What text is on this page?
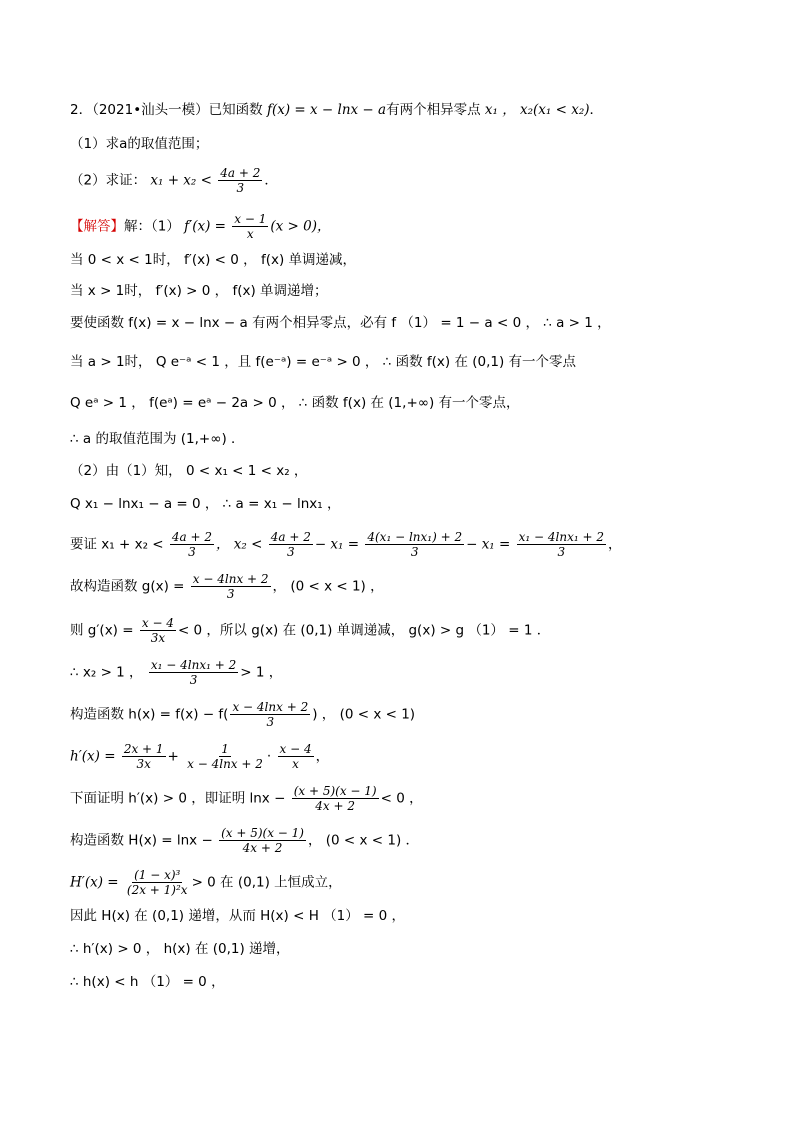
2．（2021•汕头一模）已知函数 f(x) = x − lnx − a有两个相异零点 x₁ ， x₂(x₁ < x₂)．
（1）求a的取值范围；
（2）求证： $x_1 + x_2 < \frac{4a + 2}{3}$ ．
【解答】解：（1） $f'(x) = \frac{x - 1}{x} (x > 0)$，
当 0 < x < 1时， f′(x) < 0 ， f(x) 单调递减，
当 x > 1时， f′(x) > 0 ， f(x) 单调递增；
要使函数 f(x) = x − lnx − a 有两个相异零点，必有 f （1） = 1 − a < 0 ， ∴ a > 1 ，
当 a > 1时， Q e⁻ᵃ < 1 ，且 f(e⁻ᵃ) = e⁻ᵃ > 0 ， ∴ 函数 f(x) 在 (0,1) 有一个零点
Q eᵃ > 1 ， f(eᵃ) = eᵃ − 2a > 0 ， ∴ 函数 f(x) 在 (1,+∞) 有一个零点，
∴ a 的取值范围为 (1,+∞) ．
（2）由（1）知， 0 < x₁ < 1 < x₂ ，
Q x₁ − lnx₁ − a = 0 ， ∴ a = x₁ − lnx₁ ，
要证 $x_1 + x_2 < \frac{4a + 2}{3}$ ， $x_2 < \frac{4a + 2}{3} - x_1 = \frac{\text{4(x₁ − lnx₁) + 2}}{3} - x_1 = \frac{\text{x₁ − 4lnx₁ + 2}}{3}$ ，
故构造函数 $g(x) = \frac{x - 4\ln x + 2}{3}$ ， (0 < x < 1) ，
则 $g'(x) = \frac{x - 4}{3x} < 0$ ，所以 g(x) 在 (0,1) 单调递减， g(x) > g （1） = 1 ．
∴ x₂ > 1 ， $\frac{\text{x₁ − 4lnx₁ + 2}}{3} > 1$ ，
构造函数 $h(x) = f(x) - f( \frac{x - 4\ln x + 2}{3}$ ) ， (0 < x < 1)
$h'(x) = \frac{2x + 1}{3x} + \frac{1}{x - 4\ln x + 2} \cdot \frac{x - 4}{x}$ ，
下面证明 h′(x) > 0 ，即证明 $\ln x - \frac{(x + 5)(x - 1)}{4x + 2} < 0$ ，
构造函数 $H(x) = \ln x - \frac{(x + 5)(x - 1)}{4x + 2}$ ， (0 < x < 1) ．
$H'(x) = \frac{\text{(1 − x)³}}{\text{(2x + 1)²x}} > 0$ 在 (0,1) 上恒成立，
因此 H(x) 在 (0,1) 递增，从而 H(x) < H （1） = 0 ，
∴ h′(x) > 0 ， h(x) 在 (0,1) 递增，
∴ h(x) < h （1） = 0 ，
